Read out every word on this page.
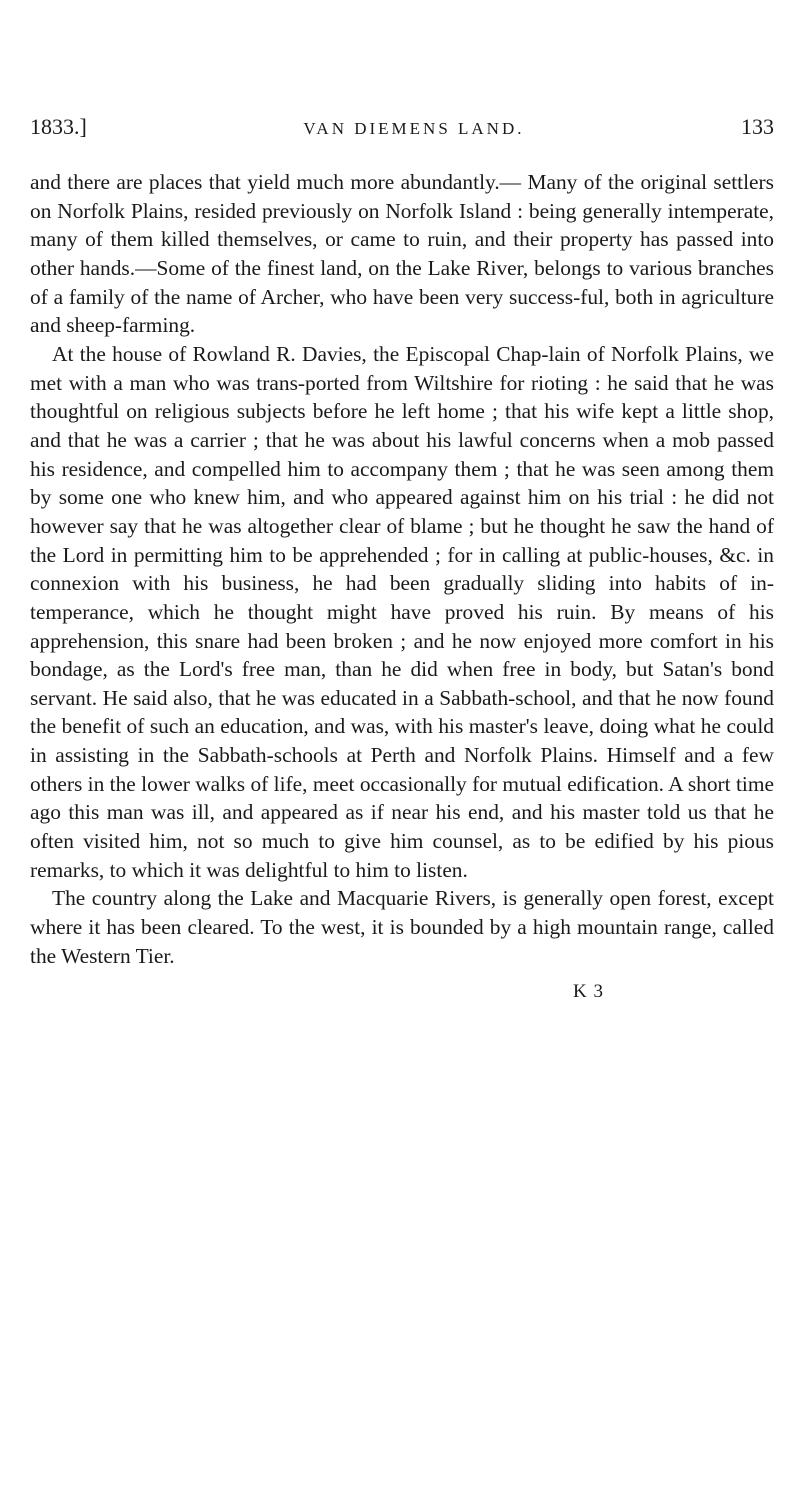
1833.]	VAN DIEMENS LAND.	133

and there are places that yield much more abundantly.— Many of the original settlers on Norfolk Plains, resided previously on Norfolk Island : being generally intemperate, many of them killed themselves, or came to ruin, and their property has passed into other hands.—Some of the finest land, on the Lake River, belongs to various branches of a family of the name of Archer, who have been very success-ful, both in agriculture and sheep-farming.

At the house of Rowland R. Davies, the Episcopal Chap-lain of Norfolk Plains, we met with a man who was trans-ported from Wiltshire for rioting : he said that he was thoughtful on religious subjects before he left home ; that his wife kept a little shop, and that he was a carrier ; that he was about his lawful concerns when a mob passed his residence, and compelled him to accompany them ; that he was seen among them by some one who knew him, and who appeared against him on his trial : he did not however say that he was altogether clear of blame ; but he thought he saw the hand of the Lord in permitting him to be apprehended ; for in calling at public-houses, &c. in connexion with his business, he had been gradually sliding into habits of in-temperance, which he thought might have proved his ruin. By means of his apprehension, this snare had been broken ; and he now enjoyed more comfort in his bondage, as the Lord's free man, than he did when free in body, but Satan's bond servant. He said also, that he was educated in a Sabbath-school, and that he now found the benefit of such an education, and was, with his master's leave, doing what he could in assisting in the Sabbath-schools at Perth and Norfolk Plains. Himself and a few others in the lower walks of life, meet occasionally for mutual edification. A short time ago this man was ill, and appeared as if near his end, and his master told us that he often visited him, not so much to give him counsel, as to be edified by his pious remarks, to which it was delightful to him to listen.

The country along the Lake and Macquarie Rivers, is generally open forest, except where it has been cleared. To the west, it is bounded by a high mountain range, called the Western Tier.

K 3
